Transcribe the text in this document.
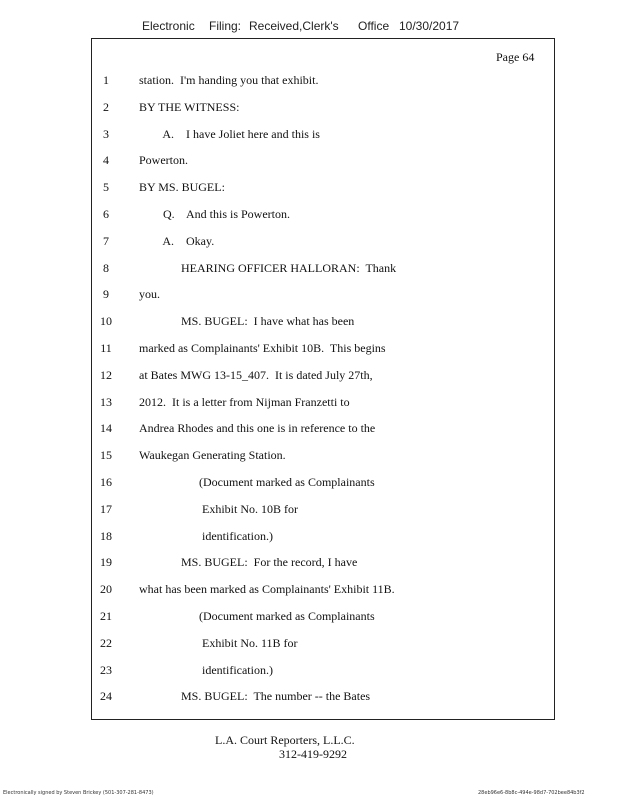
Electronic Filing: Received,Clerk's Office 10/30/2017
Page 64
1	station.  I'm handing you that exhibit.
2	BY THE WITNESS:
3	A.    I have Joliet here and this is
4	Powerton.
5	BY MS. BUGEL:
6	Q.    And this is Powerton.
7	A.    Okay.
8	HEARING OFFICER HALLORAN:  Thank
9	you.
10	MS. BUGEL:  I have what has been
11	marked as Complainants' Exhibit 10B.  This begins
12	at Bates MWG 13-15_407.  It is dated July 27th,
13	2012.  It is a letter from Nijman Franzetti to
14	Andrea Rhodes and this one is in reference to the
15	Waukegan Generating Station.
16	(Document marked as Complainants
17	Exhibit No. 10B for
18	identification.)
19	MS. BUGEL:  For the record, I have
20	what has been marked as Complainants' Exhibit 11B.
21	(Document marked as Complainants
22	Exhibit No. 11B for
23	identification.)
24	MS. BUGEL:  The number -- the Bates
L.A. Court Reporters, L.L.C.
312-419-9292
Electronically signed by Steven Brickey (501-307-281-8473)	28eb96e6-8b8c-494e-98d7-702bee84b3f2
